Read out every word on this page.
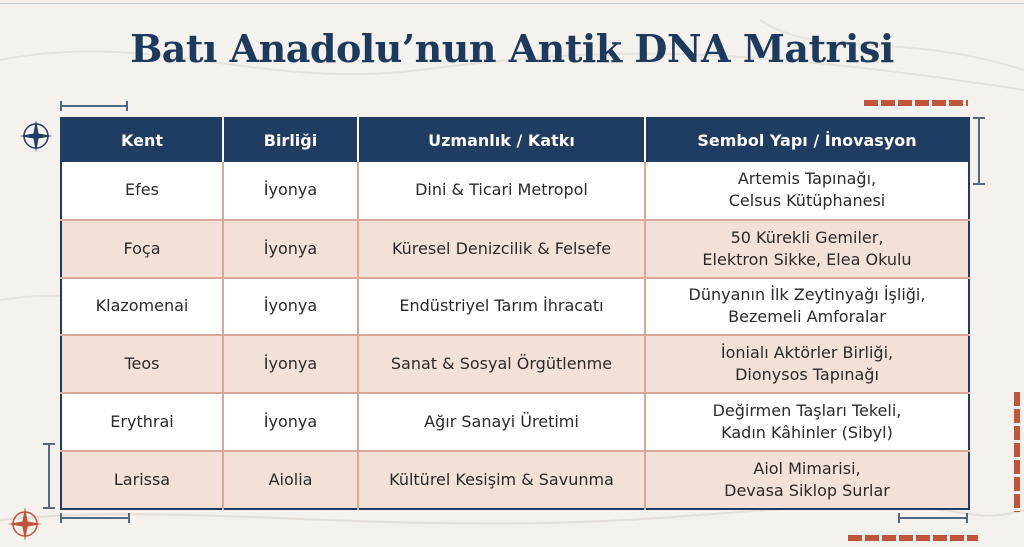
Batı Anadolu’nun Antik DNA Matrisi
Kent	Birliği	Uzmanlık / Katkı	Sembol Yapı / İnovasyon
Efes	İyonya	Dini & Ticari Metropol	Artemis Tapınağı,
Celsus Kütüphanesi

Foça	İyonya	Küresel Denizcilik & Felsefe	50 Kürekli Gemiler,
Elektron Sikke, Elea Okulu

Klazomenai	İyonya	Endüstriyel Tarım İhracatı	Dünyanın İlk Zeytinyağı İşliği,
Bezemeli Amforalar

Teos	İyonya	Sanat & Sosyal Örgütlenme	İonialı Aktörler Birliği,
Dionysos Tapınağı

Erythrai	İyonya	Ağır Sanayi Üretimi	Değirmen Taşları Tekeli,
Kadın Kâhinler (Sibyl)

Larissa	Aiolia	Kültürel Kesişim & Savunma	Aiol Mimarisi,
Devasa Siklop Surlar
